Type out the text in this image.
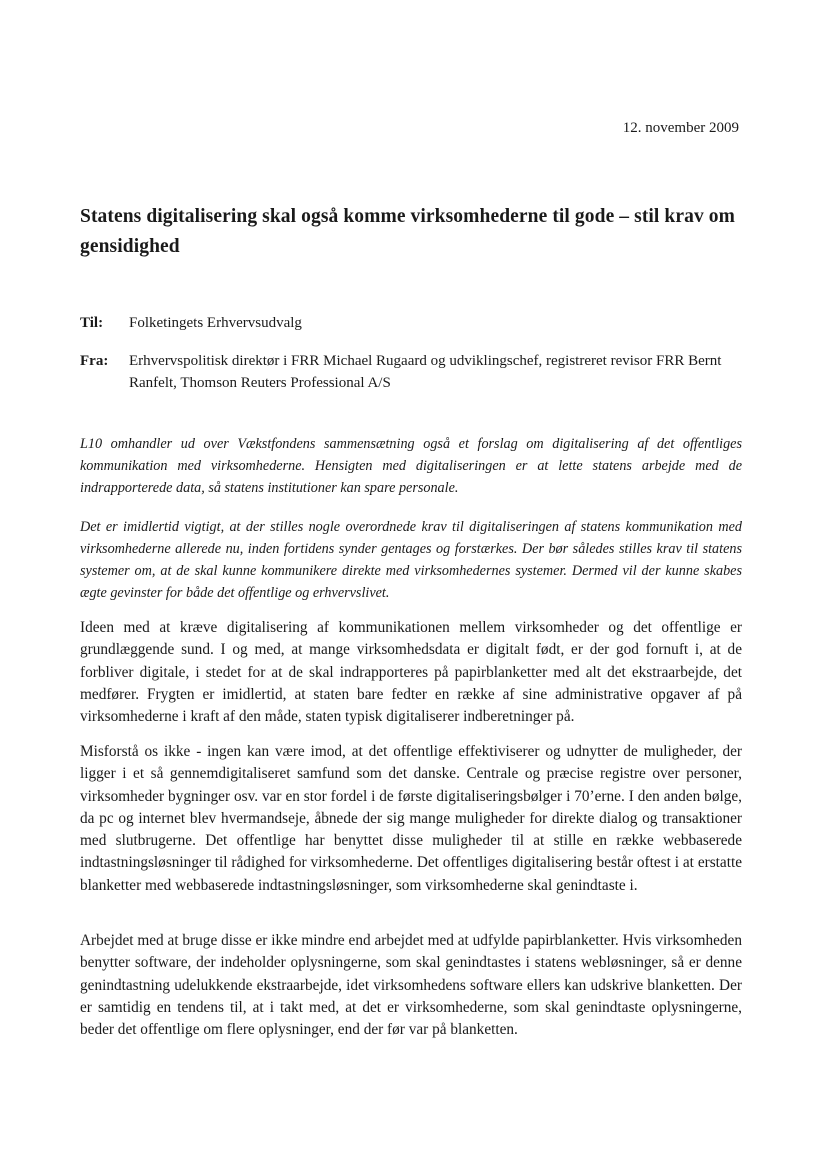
12. november 2009
Statens digitalisering skal også komme virksomhederne til gode – stil krav om gensidighed
Til: Folketingets Erhvervsudvalg
Fra: Erhvervspolitisk direktør i FRR Michael Rugaard og udviklingschef, registreret revisor FRR Bernt Ranfelt, Thomson Reuters Professional A/S

L10 omhandler ud over Vækstfondens sammensætning også et forslag om digitalisering af det offentliges kommunikation med virksomhederne. Hensigten med digitaliseringen er at lette statens arbejde med de indrapporterede data, så statens institutioner kan spare personale.

Det er imidlertid vigtigt, at der stilles nogle overordnede krav til digitaliseringen af statens kommunikation med virksomhederne allerede nu, inden fortidens synder gentages og forstærkes. Der bør således stilles krav til statens systemer om, at de skal kunne kommunikere direkte med virksomhedernes systemer. Dermed vil der kunne skabes ægte gevinster for både det offentlige og erhvervslivet.

Ideen med at kræve digitalisering af kommunikationen mellem virksomheder og det offentlige er grundlæggende sund. I og med, at mange virksomhedsdata er digitalt født, er der god fornuft i, at de forbliver digitale, i stedet for at de skal indrapporteres på papirblanketter med alt det ekstraarbejde, det medfører. Frygten er imidlertid, at staten bare fedter en række af sine administrative opgaver af på virksomhederne i kraft af den måde, staten typisk digitaliserer indberetninger på.

Misforstå os ikke - ingen kan være imod, at det offentlige effektiviserer og udnytter de muligheder, der ligger i et så gennemdigitaliseret samfund som det danske. Centrale og præcise registre over personer, virksomheder bygninger osv. var en stor fordel i de første digitaliseringsbølger i 70’erne. I den anden bølge, da pc og internet blev hvermandseje, åbnede der sig mange muligheder for direkte dialog og transaktioner med slutbrugerne. Det offentlige har benyttet disse muligheder til at stille en række webbaserede indtastningsløsninger til rådighed for virksomhederne. Det offentliges digitalisering består oftest i at erstatte blanketter med webbaserede indtastningsløsninger, som virksomhederne skal genindtaste i.

Arbejdet med at bruge disse er ikke mindre end arbejdet med at udfylde papirblanketter. Hvis virksomheden benytter software, der indeholder oplysningerne, som skal genindtastes i statens webløsninger, så er denne genindtastning udelukkende ekstraarbejde, idet virksomhedens software ellers kan udskrive blanketten. Der er samtidig en tendens til, at i takt med, at det er virksomhederne, som skal genindtaste oplysningerne, beder det offentlige om flere oplysninger, end der før var på blanketten.
